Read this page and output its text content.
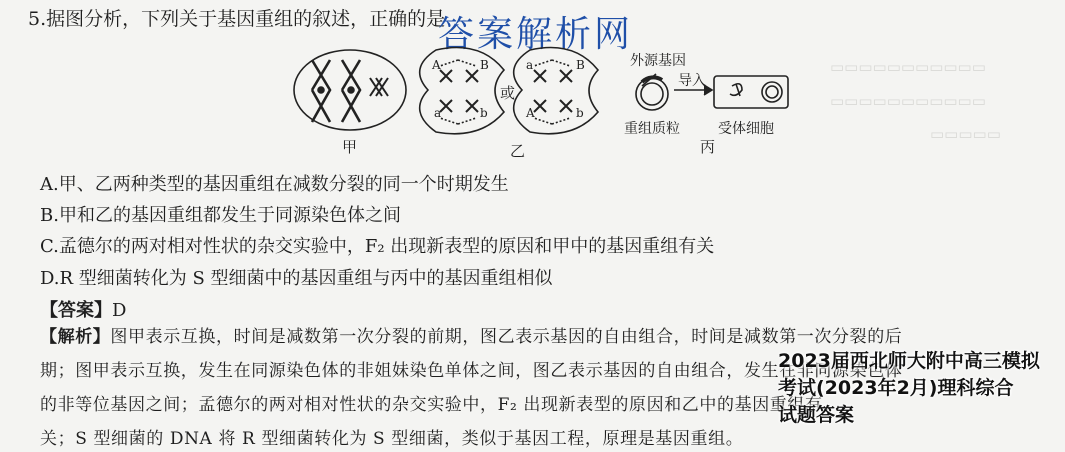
▭▭▭▭▭▭▭▭▭▭▭
▭▭▭▭▭▭▭▭▭▭▭
▭▭▭▭▭
5.据图分析，下列关于基因重组的叙述，正确的是
答案解析网
A	B
a	b
a	B
A	b
或
外源基因
导入
重组质粒	受体细胞
甲	乙	丙
A.甲、乙两种类型的基因重组在减数分裂的同一个时期发生
B.甲和乙的基因重组都发生于同源染色体之间
C.孟德尔的两对相对性状的杂交实验中，F₂ 出现新表型的原因和甲中的基因重组有关
D.R 型细菌转化为 S 型细菌中的基因重组与丙中的基因重组相似
【答案】D
【解析】图甲表示互换，时间是减数第一次分裂的前期，图乙表示基因的自由组合，时间是减数第一次分裂的后
期；图甲表示互换，发生在同源染色体的非姐妹染色单体之间，图乙表示基因的自由组合，发生在非同源染色体
的非等位基因之间；孟德尔的两对相对性状的杂交实验中，F₂ 出现新表型的原因和乙中的基因重组有
关；S 型细菌的 DNA 将 R 型细菌转化为 S 型细菌，类似于基因工程，原理是基因重组。
2023届西北师大附中高三模拟
考试(2023年2月)理科综合
试题答案
